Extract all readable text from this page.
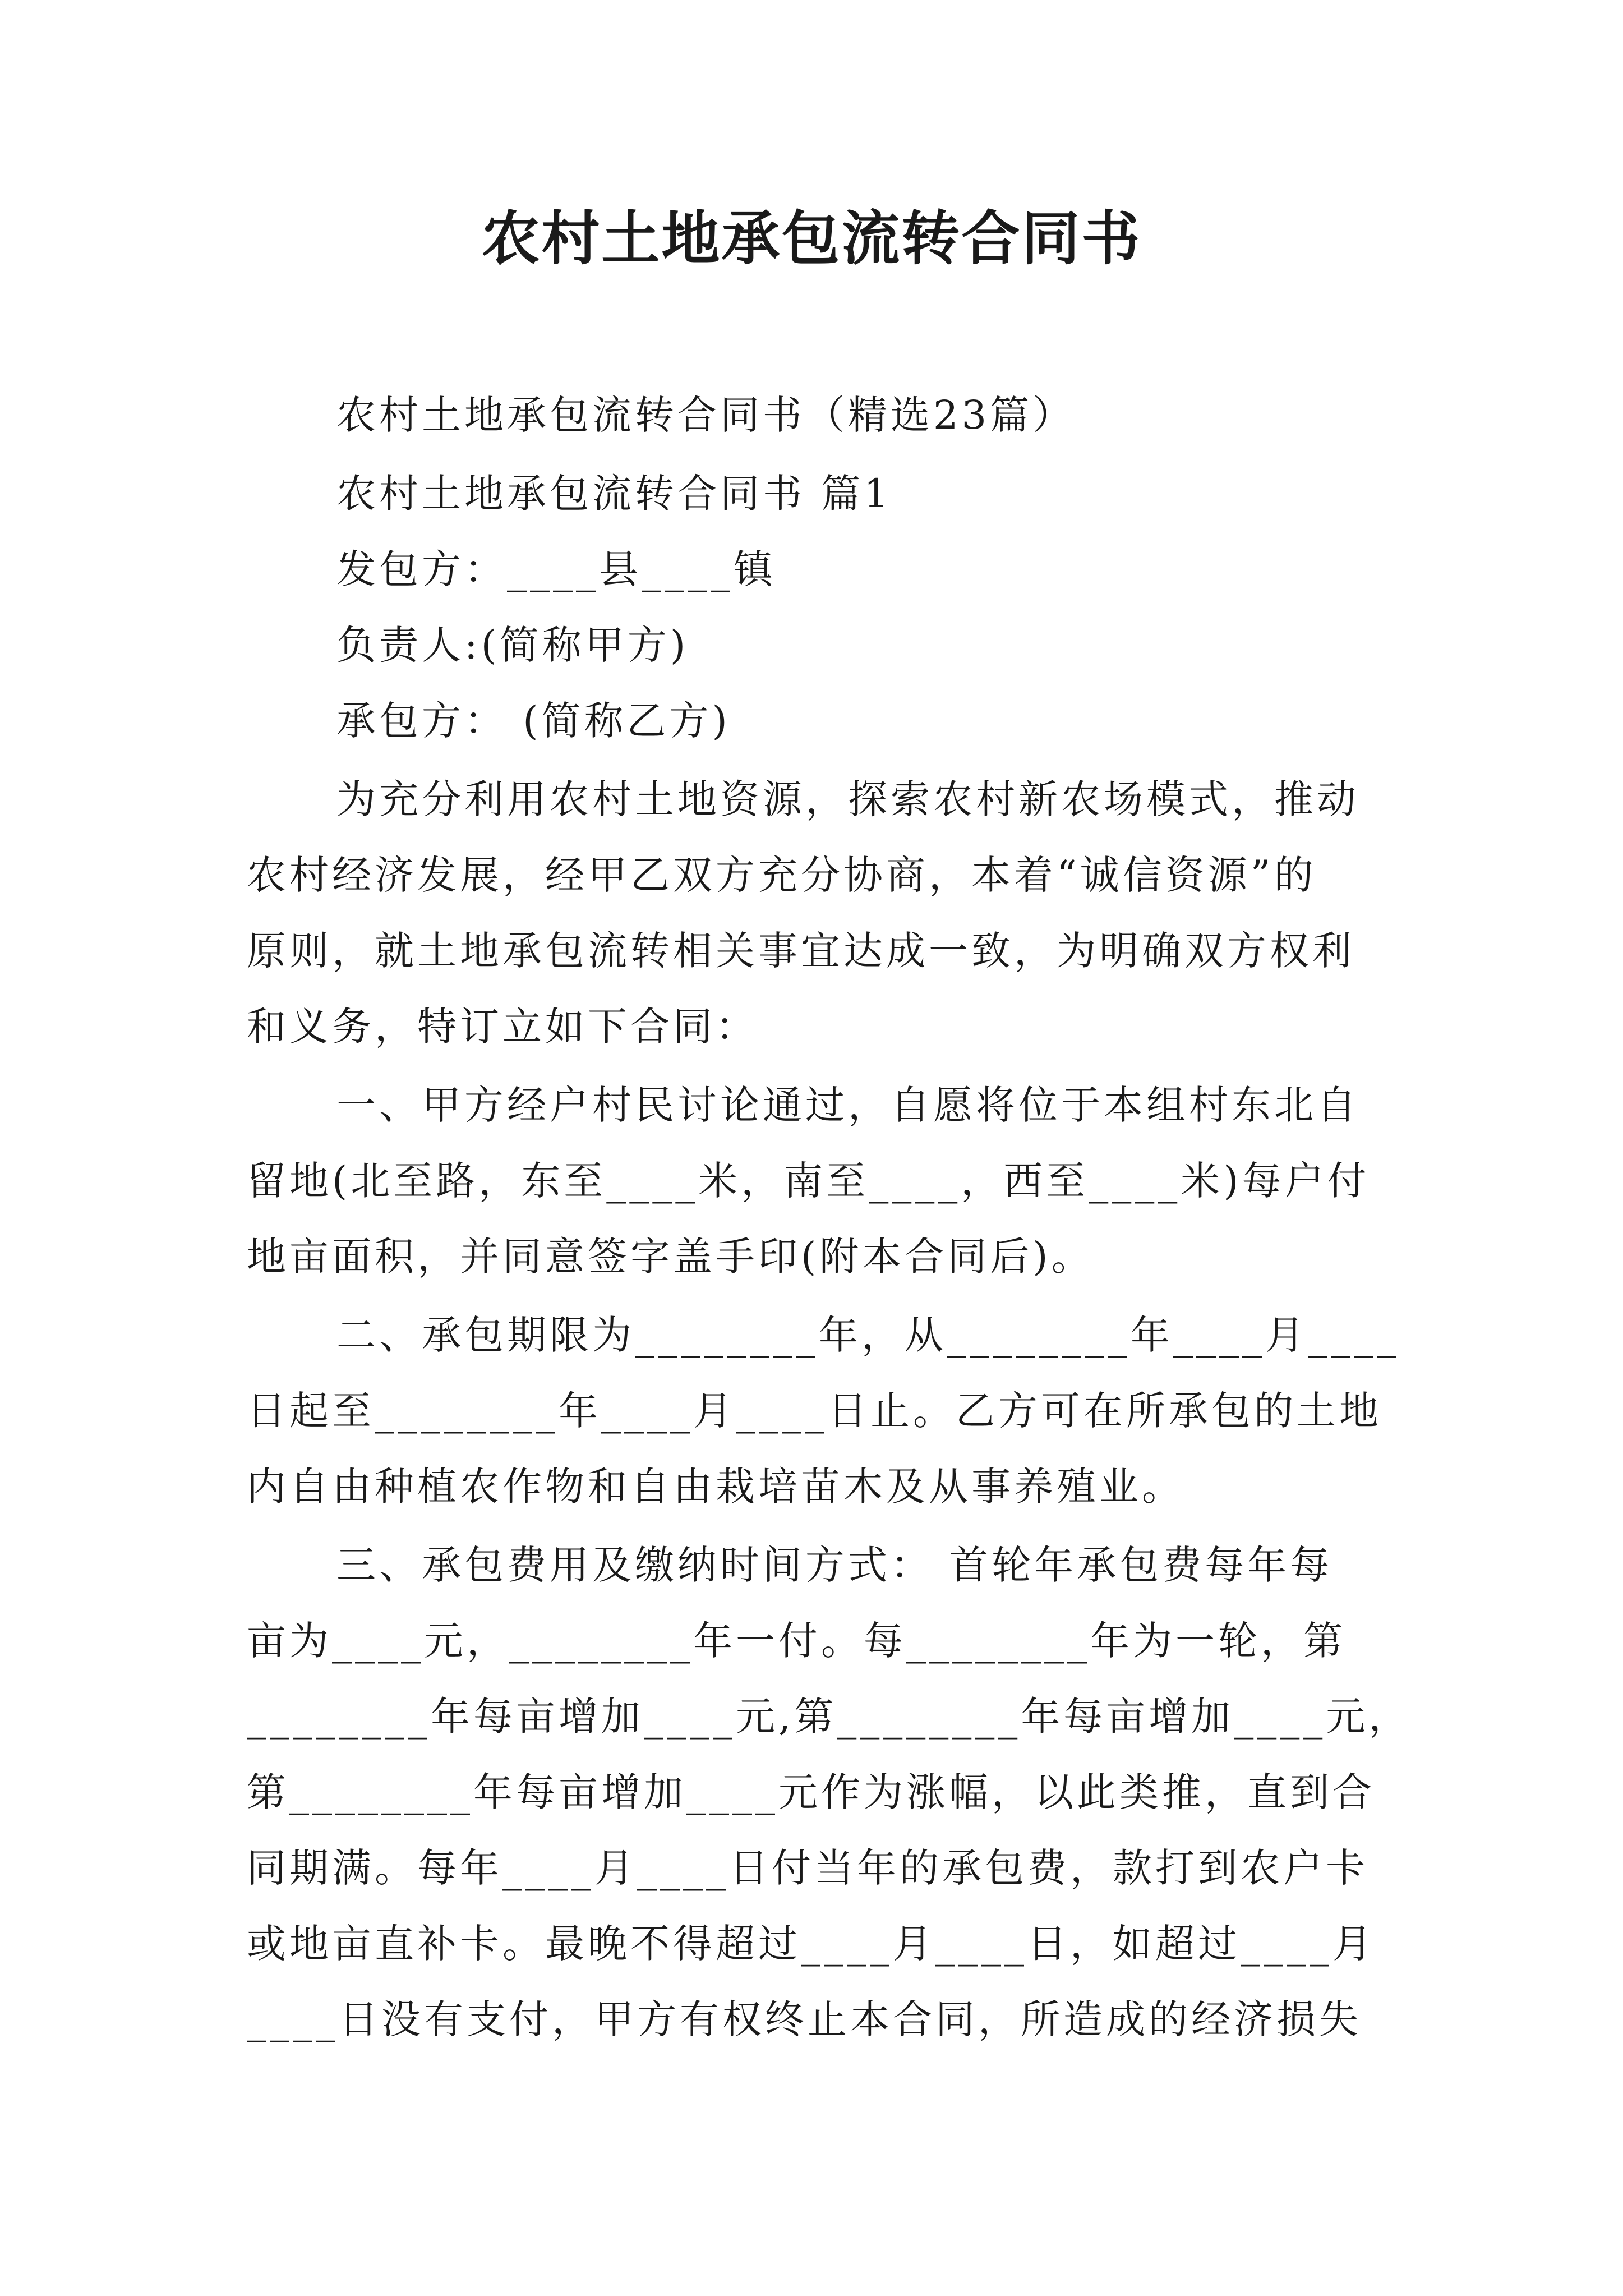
农村土地承包流转合同书
农村土地承包流转合同书（精选23篇）
农村土地承包流转合同书 篇1
发包方：____县____镇
负责人:(简称甲方)
承包方： (简称乙方)
为充分利用农村土地资源，探索农村新农场模式，推动
农村经济发展，经甲乙双方充分协商，本着“诚信资源”的
原则，就土地承包流转相关事宜达成一致，为明确双方权利
和义务，特订立如下合同：
一、甲方经户村民讨论通过，自愿将位于本组村东北自
留地(北至路，东至____米，南至____，西至____米)每户付
地亩面积，并同意签字盖手印(附本合同后)。
二、承包期限为________年，从________年____月____
日起至________年____月____日止。乙方可在所承包的土地
内自由种植农作物和自由栽培苗木及从事养殖业。
三、承包费用及缴纳时间方式： 首轮年承包费每年每
亩为____元，________年一付。每________年为一轮，第
________年每亩增加____元,第________年每亩增加____元，
第________年每亩增加____元作为涨幅，以此类推，直到合
同期满。每年____月____日付当年的承包费，款打到农户卡
或地亩直补卡。最晚不得超过____月____日，如超过____月
____日没有支付，甲方有权终止本合同，所造成的经济损失
